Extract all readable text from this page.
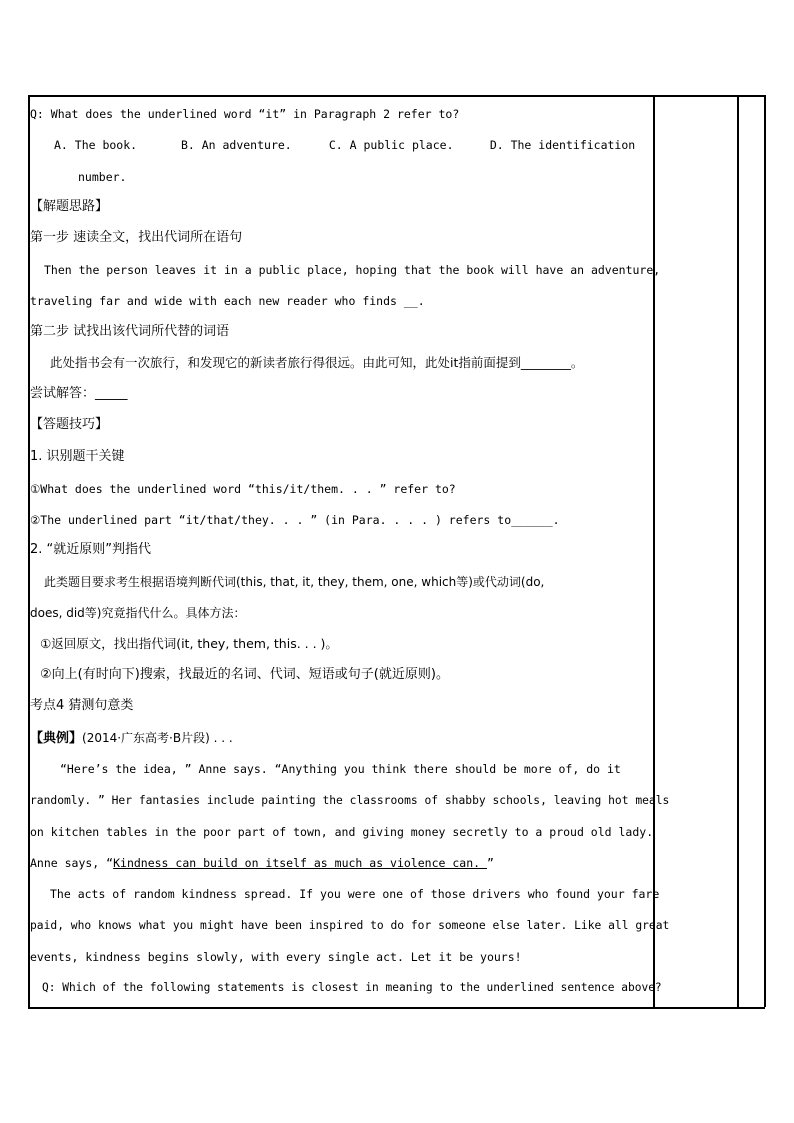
Q: What does the underlined word “it” in Paragraph 2 refer to?
A. The book.	B. An adventure.	C. A public place.	D. The identification
number.
【解题思路】
第一步 速读全文，找出代词所在语句
Then the person leaves it in a public place, hoping that the book will have an adventure,
traveling far and wide with each new reader who finds __.
第二步 试找出该代词所代替的词语
此处指书会有一次旅行，和发现它的新读者旅行得很远。由此可知，此处it指前面提到________。
尝试解答：_____
【答题技巧】
1. 识别题干关键
①What does the underlined word “this/it/them. . . ” refer to?
②The underlined part “it/that/they. . . ” (in Para. . . . ) refers to______.
2. “就近原则”判指代
此类题目要求考生根据语境判断代词(this, that, it, they, them, one, which等)或代动词(do,
does, did等)究竟指代什么。具体方法：
①返回原文，找出指代词(it, they, them, this. . . )。
②向上(有时向下)搜索，找最近的名词、代词、短语或句子(就近原则)。
考点4 猜测句意类
【典例】(2014·广东高考·B片段) . . .
“Here’s the idea, ” Anne says. “Anything you think there should be more of, do it
randomly. ” Her fantasies include painting the classrooms of shabby schools, leaving hot meals
on kitchen tables in the poor part of town, and giving money secretly to a proud old lady.
Anne says, “Kindness can build on itself as much as violence can. ”
The acts of random kindness spread. If you were one of those drivers who found your fare
paid, who knows what you might have been inspired to do for someone else later. Like all great
events, kindness begins slowly, with every single act. Let it be yours!
Q: Which of the following statements is closest in meaning to the underlined sentence above?
